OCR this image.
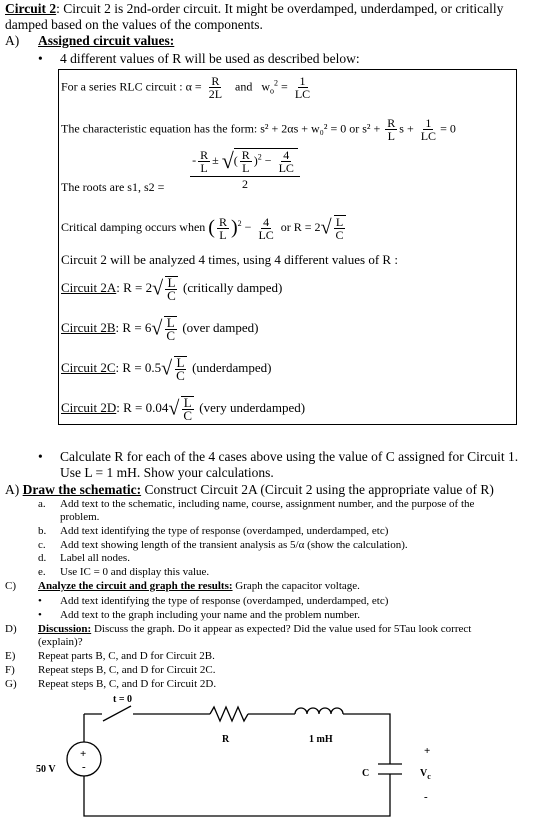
Circuit 2: Circuit 2 is 2nd-order circuit. It might be overdamped, underdamped, or critically
damped based on the values of the components.
A) Assigned circuit values:
• 4 different values of R will be used as described below:
For a series RLC circuit : $\alpha = \frac{R}{2L}$ and $w_o^2 = \frac{1}{LC}$
The characteristic equation has the form: s² + 2αs + w₀² = 0 or $s^2 + \frac{R}{L}$ $s + \frac{1}{LC} = 0$
The roots are s1, s2 =
- $\frac{R}{L}$ ± √( $\frac{R}{L} )^2 - \frac{4}{LC}$
2
Critical damping occurs when ( $\frac{R}{L} )^2 - \frac{4}{LC}$ or $R = 2√ \frac{L}{C}$
Circuit 2 will be analyzed 4 times, using 4 different values of R :
Circuit 2A: $R = 2√ \frac{L}{C}$ (critically damped)
Circuit 2B: $R = 6√ \frac{L}{C}$ (over damped)
Circuit 2C: $R = 0.5√ \frac{L}{C}$ (underdamped)
Circuit 2D: $R = 0.04√ \frac{L}{C}$ (very underdamped)
• Calculate R for each of the 4 cases above using the value of C assigned for Circuit 1.
Use L = 1 mH. Show your calculations.
A) Draw the schematic: Construct Circuit 2A (Circuit 2 using the appropriate value of R)
a. Add text to the schematic, including name, course, assignment number, and the purpose of the
problem.
b. Add text identifying the type of response (overdamped, underdamped, etc)
c. Add text showing length of the transient analysis as 5/α (show the calculation).
d. Label all nodes.
e. Use IC = 0 and display this value.
C) Analyze the circuit and graph the results: Graph the capacitor voltage.
• Add text identifying the type of response (overdamped, underdamped, etc)
• Add text to the graph including your name and the problem number.
D) Discussion: Discuss the graph. Do it appear as expected? Did the value used for 5Tau look correct
(explain)?
E) Repeat parts B, C, and D for Circuit 2B.
F) Repeat steps B, C, and D for Circuit 2C.
G) Repeat steps B, C, and D for Circuit 2D.
t = 0
R	1 mH
+
-
50 V	C
+
$V_c$
-
